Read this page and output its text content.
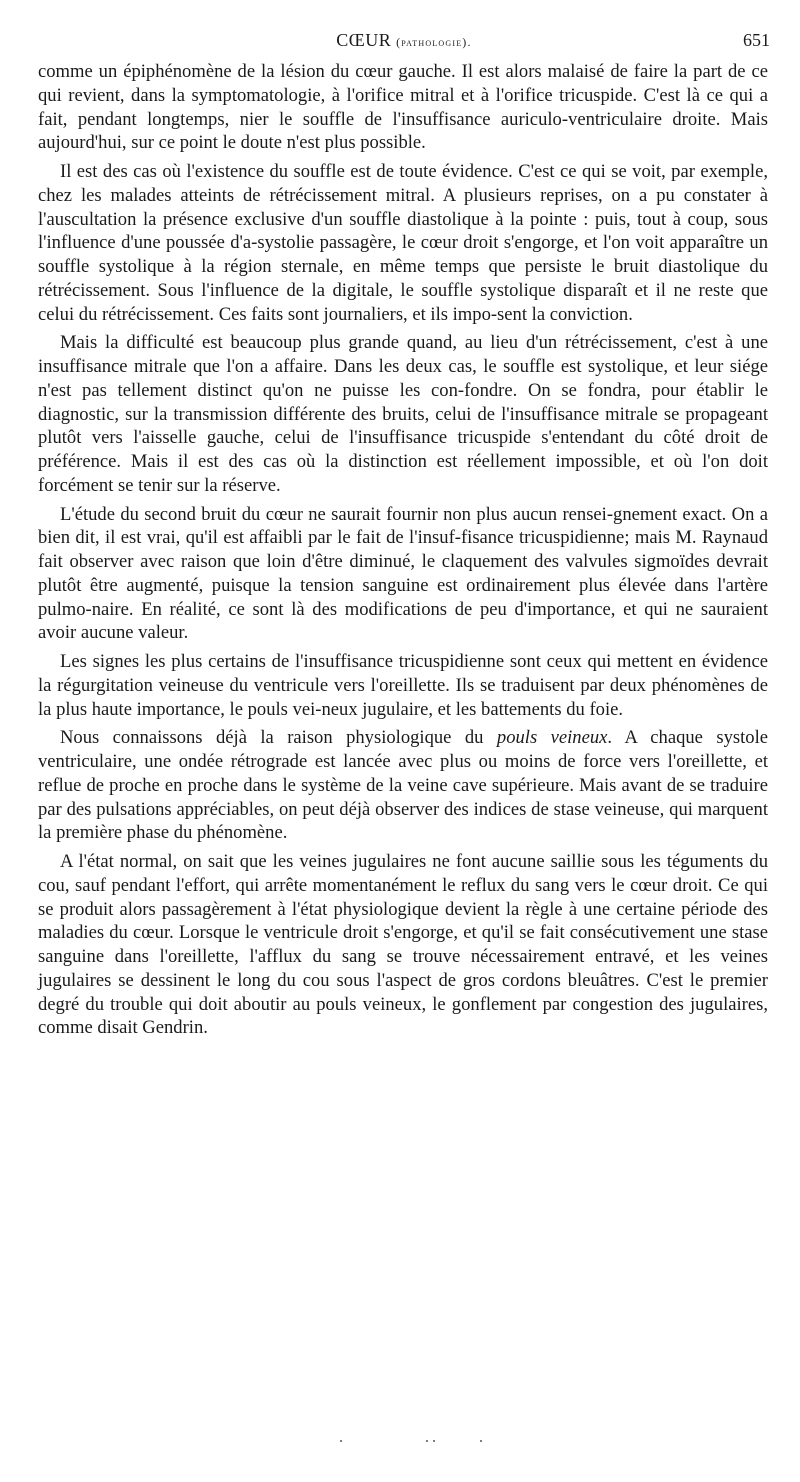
CŒUR (pathologie).	651

comme un épiphénomène de la lésion du cœur gauche. Il est alors malaisé de faire la part de ce qui revient, dans la symptomatologie, à l'orifice mitral et à l'orifice tricuspide. C'est là ce qui a fait, pendant longtemps, nier le souffle de l'insuffisance auriculo-ventriculaire droite. Mais aujourd'hui, sur ce point le doute n'est plus possible.

Il est des cas où l'existence du souffle est de toute évidence. C'est ce qui se voit, par exemple, chez les malades atteints de rétrécissement mitral. A plusieurs reprises, on a pu constater à l'auscultation la présence exclusive d'un souffle diastolique à la pointe : puis, tout à coup, sous l'influence d'une poussée d'a-systolie passagère, le cœur droit s'engorge, et l'on voit apparaître un souffle systolique à la région sternale, en même temps que persiste le bruit diastolique du rétrécissement. Sous l'influence de la digitale, le souffle systolique disparaît et il ne reste que celui du rétrécissement. Ces faits sont journaliers, et ils impo-sent la conviction.

Mais la difficulté est beaucoup plus grande quand, au lieu d'un rétrécissement, c'est à une insuffisance mitrale que l'on a affaire. Dans les deux cas, le souffle est systolique, et leur siége n'est pas tellement distinct qu'on ne puisse les con-fondre. On se fondra, pour établir le diagnostic, sur la transmission différente des bruits, celui de l'insuffisance mitrale se propageant plutôt vers l'aisselle gauche, celui de l'insuffisance tricuspide s'entendant du côté droit de préférence. Mais il est des cas où la distinction est réellement impossible, et où l'on doit forcément se tenir sur la réserve.

L'étude du second bruit du cœur ne saurait fournir non plus aucun rensei-gnement exact. On a bien dit, il est vrai, qu'il est affaibli par le fait de l'insuf-fisance tricuspidienne; mais M. Raynaud fait observer avec raison que loin d'être diminué, le claquement des valvules sigmoïdes devrait plutôt être augmenté, puisque la tension sanguine est ordinairement plus élevée dans l'artère pulmo-naire. En réalité, ce sont là des modifications de peu d'importance, et qui ne sauraient avoir aucune valeur.

Les signes les plus certains de l'insuffisance tricuspidienne sont ceux qui mettent en évidence la régurgitation veineuse du ventricule vers l'oreillette. Ils se traduisent par deux phénomènes de la plus haute importance, le pouls vei-neux jugulaire, et les battements du foie.

Nous connaissons déjà la raison physiologique du pouls veineux. A chaque systole ventriculaire, une ondée rétrograde est lancée avec plus ou moins de force vers l'oreillette, et reflue de proche en proche dans le système de la veine cave supérieure. Mais avant de se traduire par des pulsations appréciables, on peut déjà observer des indices de stase veineuse, qui marquent la première phase du phénomène.

A l'état normal, on sait que les veines jugulaires ne font aucune saillie sous les téguments du cou, sauf pendant l'effort, qui arrête momentanément le reflux du sang vers le cœur droit. Ce qui se produit alors passagèrement à l'état physiologique devient la règle à une certaine période des maladies du cœur. Lorsque le ventricule droit s'engorge, et qu'il se fait consécutivement une stase sanguine dans l'oreillette, l'afflux du sang se trouve nécessairement entravé, et les veines jugulaires se dessinent le long du cou sous l'aspect de gros cordons bleuâtres. C'est le premier degré du trouble qui doit aboutir au pouls veineux, le gonflement par congestion des jugulaires, comme disait Gendrin.
